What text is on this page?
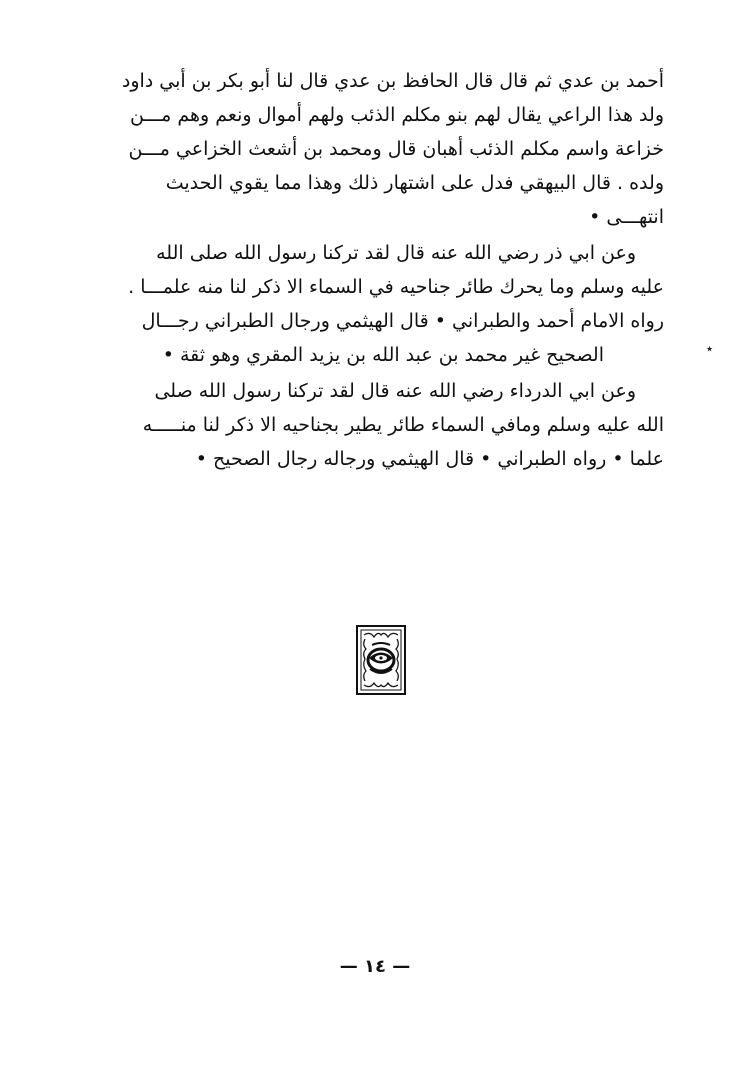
أحمد بن عدي ثم قال قال الحافظ بن عدي قال لنا أبو بكر بن أبي داود
ولد هذا الراعي يقال لهم بنو مكلم الذئب ولهم أموال ونعم وهم مـــن
خزاعة واسم مكلم الذئب أهبان قال ومحمد بن أشعث الخزاعي مـــن
ولده . قال البيهقي فدل على اشتهار ذلك وهذا مما يقوي الحديث
انتهـــى •
وعن ابي ذر رضي الله عنه قال لقد تركنا رسول الله صلى الله
عليه وسلم وما يحرك طائر جناحيه في السماء الا ذكر لنا منه علمـــا .
رواه الامام أحمد والطبراني • قال الهيثمي ورجال الطبراني رجـــال
الصحيح غير محمد بن عبد الله بن يزيد المقري وهو ثقة •	٭
وعن ابي الدرداء رضي الله عنه قال لقد تركنا رسول الله صلى
الله عليه وسلم ومافي السماء طائر يطير بجناحيه الا ذكر لنا منـــــه
علما • رواه الطبراني • قال الهيثمي ورجاله رجال الصحيح •
— ١٤ —
